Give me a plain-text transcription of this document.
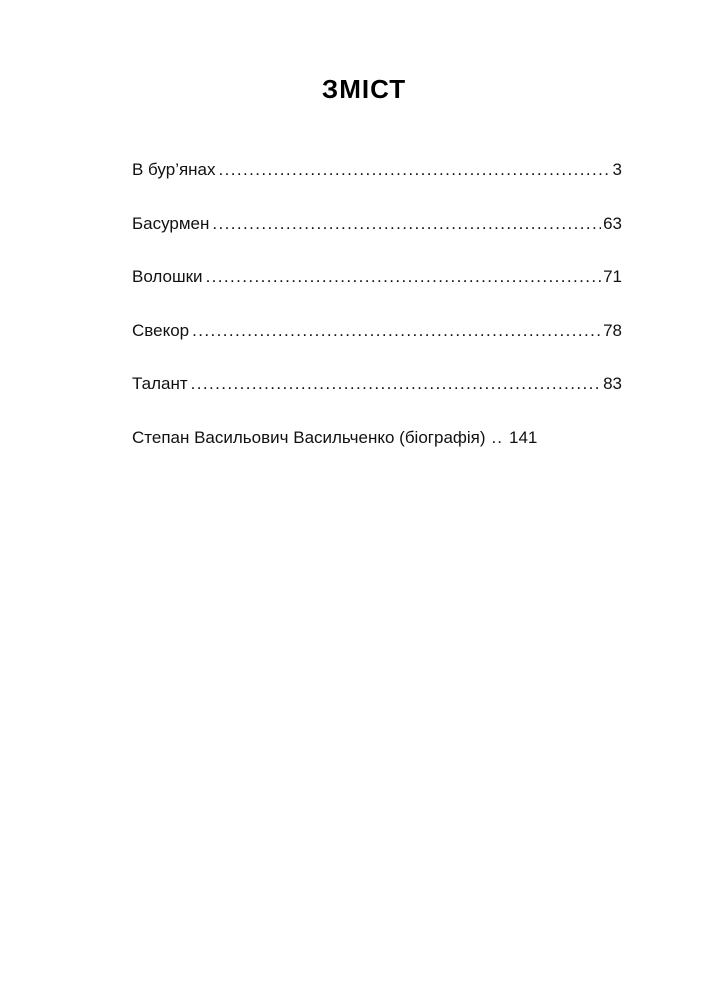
ЗМІСТ
В бур’янах .....	3
Басурмен .....	63
Волошки .....	71
Свекор .....	78
Талант .....	83
Степан Васильович Васильченко (біографія) .. 141
